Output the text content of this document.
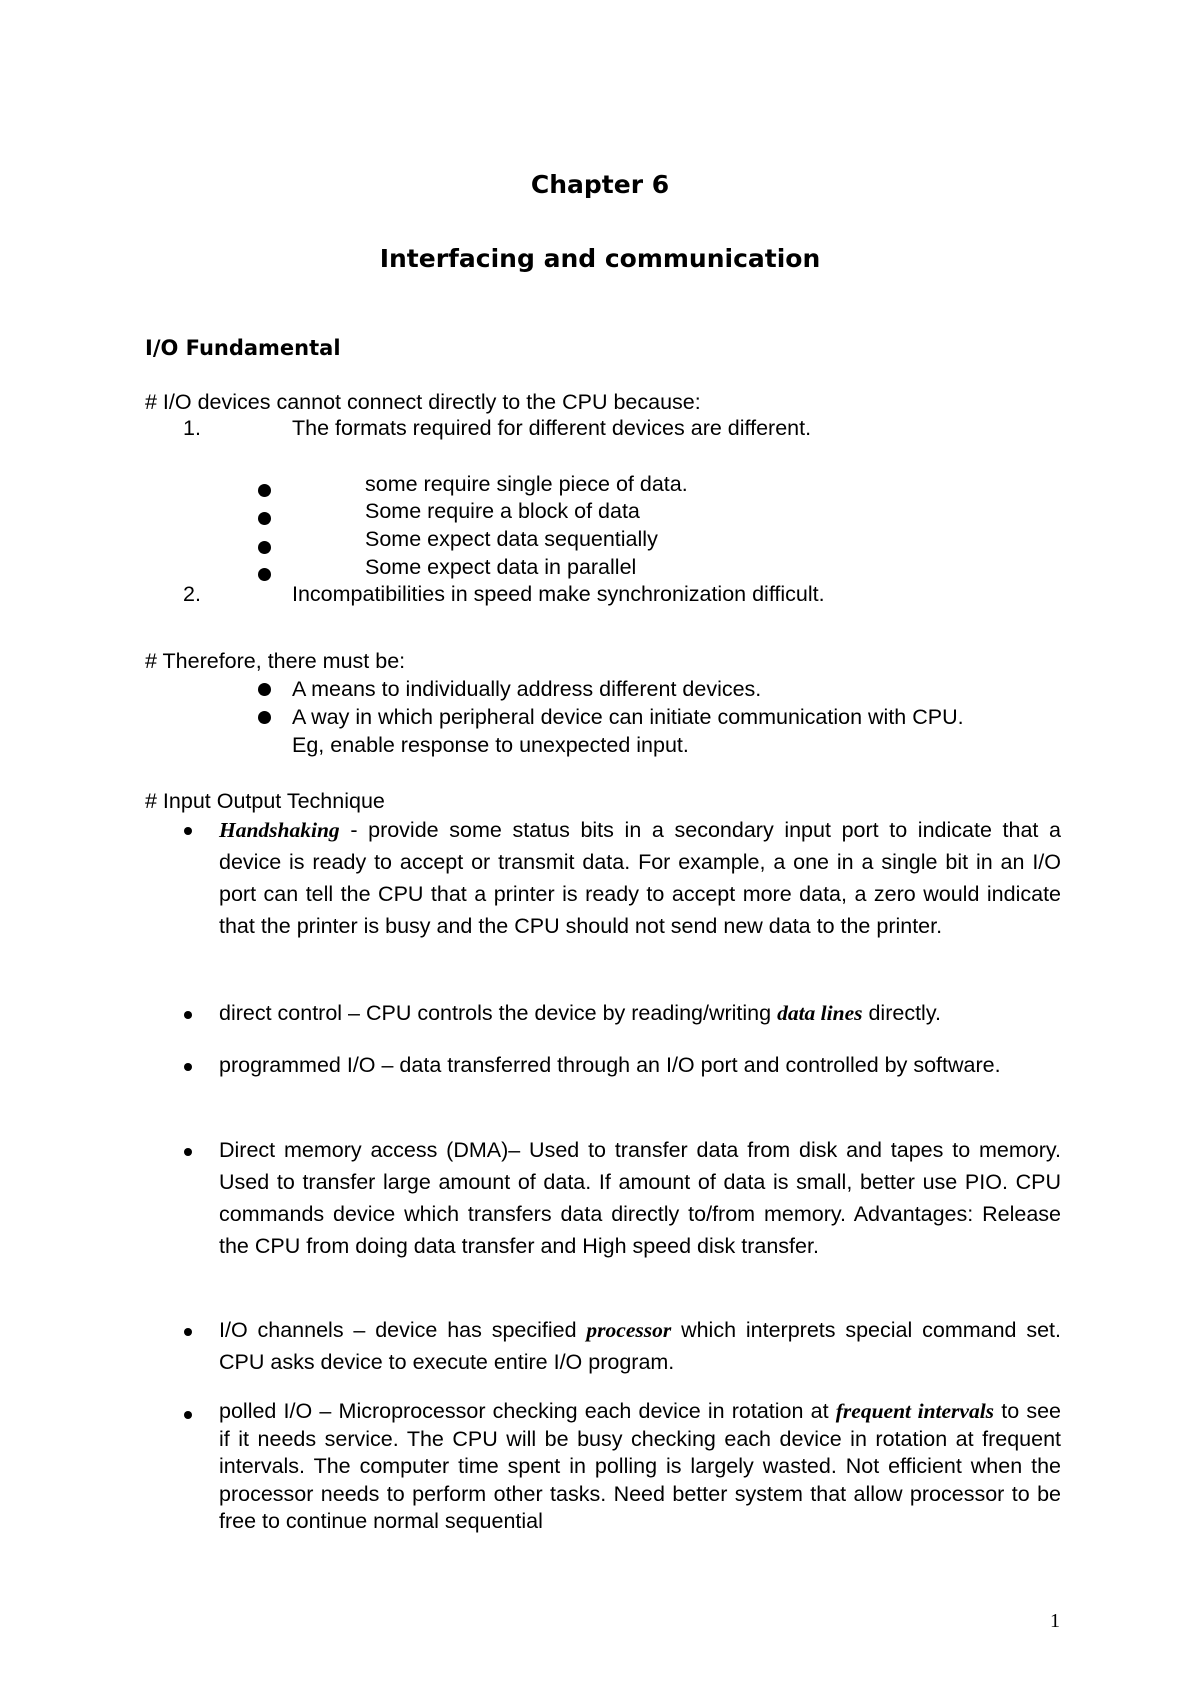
Chapter 6
Interfacing and communication
I/O Fundamental
# I/O devices cannot connect directly to the CPU because:
1.	The formats required for different devices are different.
some require single piece of data.
Some require a block of data
Some expect data sequentially
Some expect data in parallel
2.	Incompatibilities in speed make synchronization difficult.
# Therefore, there must be:
A means to individually address different devices.
A way in which peripheral device can initiate communication with CPU.
Eg, enable response to unexpected input.
# Input Output Technique
Handshaking - provide some status bits in a secondary input port to indicate that a device is ready to accept or transmit data. For example, a one in a single bit in an I/O port can tell the CPU that a printer is ready to accept more data, a zero would indicate that the printer is busy and the CPU should not send new data to the printer.
direct control – CPU controls the device by reading/writing data lines directly.
programmed I/O – data transferred through an I/O port and controlled by software.
Direct memory access (DMA)– Used to transfer data from disk and tapes to memory. Used to transfer large amount of data. If amount of data is small, better use PIO. CPU commands device which transfers data directly to/from memory. Advantages: Release the CPU from doing data transfer and High speed disk transfer.
I/O channels – device has specified processor which interprets special command set. CPU asks device to execute entire I/O program.
polled I/O – Microprocessor checking each device in rotation at frequent intervals to see if it needs service. The CPU will be busy checking each device in rotation at frequent intervals. The computer time spent in polling is largely wasted. Not efficient when the processor needs to perform other tasks. Need better system that allow processor to be free to continue normal sequential
1
